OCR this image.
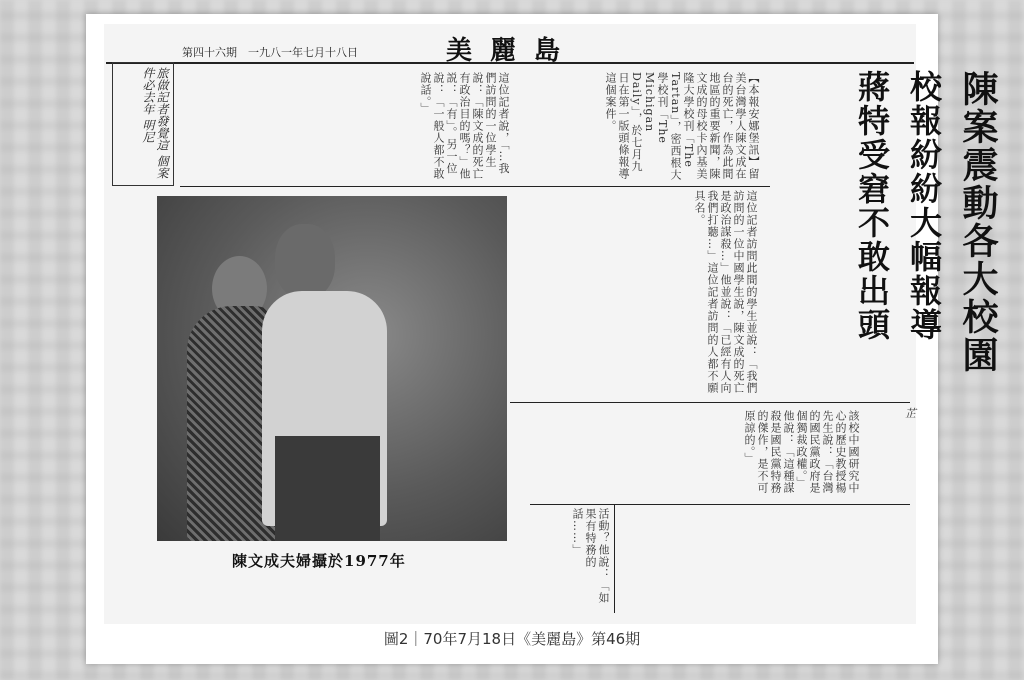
第四十六期　一九八一年七月十八日	美麗島
陳案震動各大校園
校報紛紛大幅報導
蔣特受窘不敢出頭
【本報安娜堡訊】留美台灣學人陳文成在台的死亡，作為此間地區的重要新聞，陳文成的母校卡內基美隆大學校刊「The Tartan」，密西根大學校刊「The Michigan Daily」，於七月九日在第一版頭條報導這個案件。
這位記者說，「…我們訪問的一位學生說：「陳文成的死亡有政治目的嗎？」他説：「有」。另一位說：「一般人都不敢說話。」
這位記者訪問此間的學生並說：「我們訪問的一位中國學生說，陳文成的死亡是政治謀殺…」他並說：「已經有人向我們打聽…」這位記者訪問的人都不願具名。
該校中國研究中心的歷史教授楊先生說：「台灣的國民黨政府是個獨裁政權。」他說：「這種謀殺是國民黨特務的傑作，是不可原諒的。」
活動？他說：「如果有特務的話……」
旅做記者發覺這 個案件必去年 明尼
芷
陳文成夫婦攝於1977年
圖2｜70年7月18日《美麗島》第46期
